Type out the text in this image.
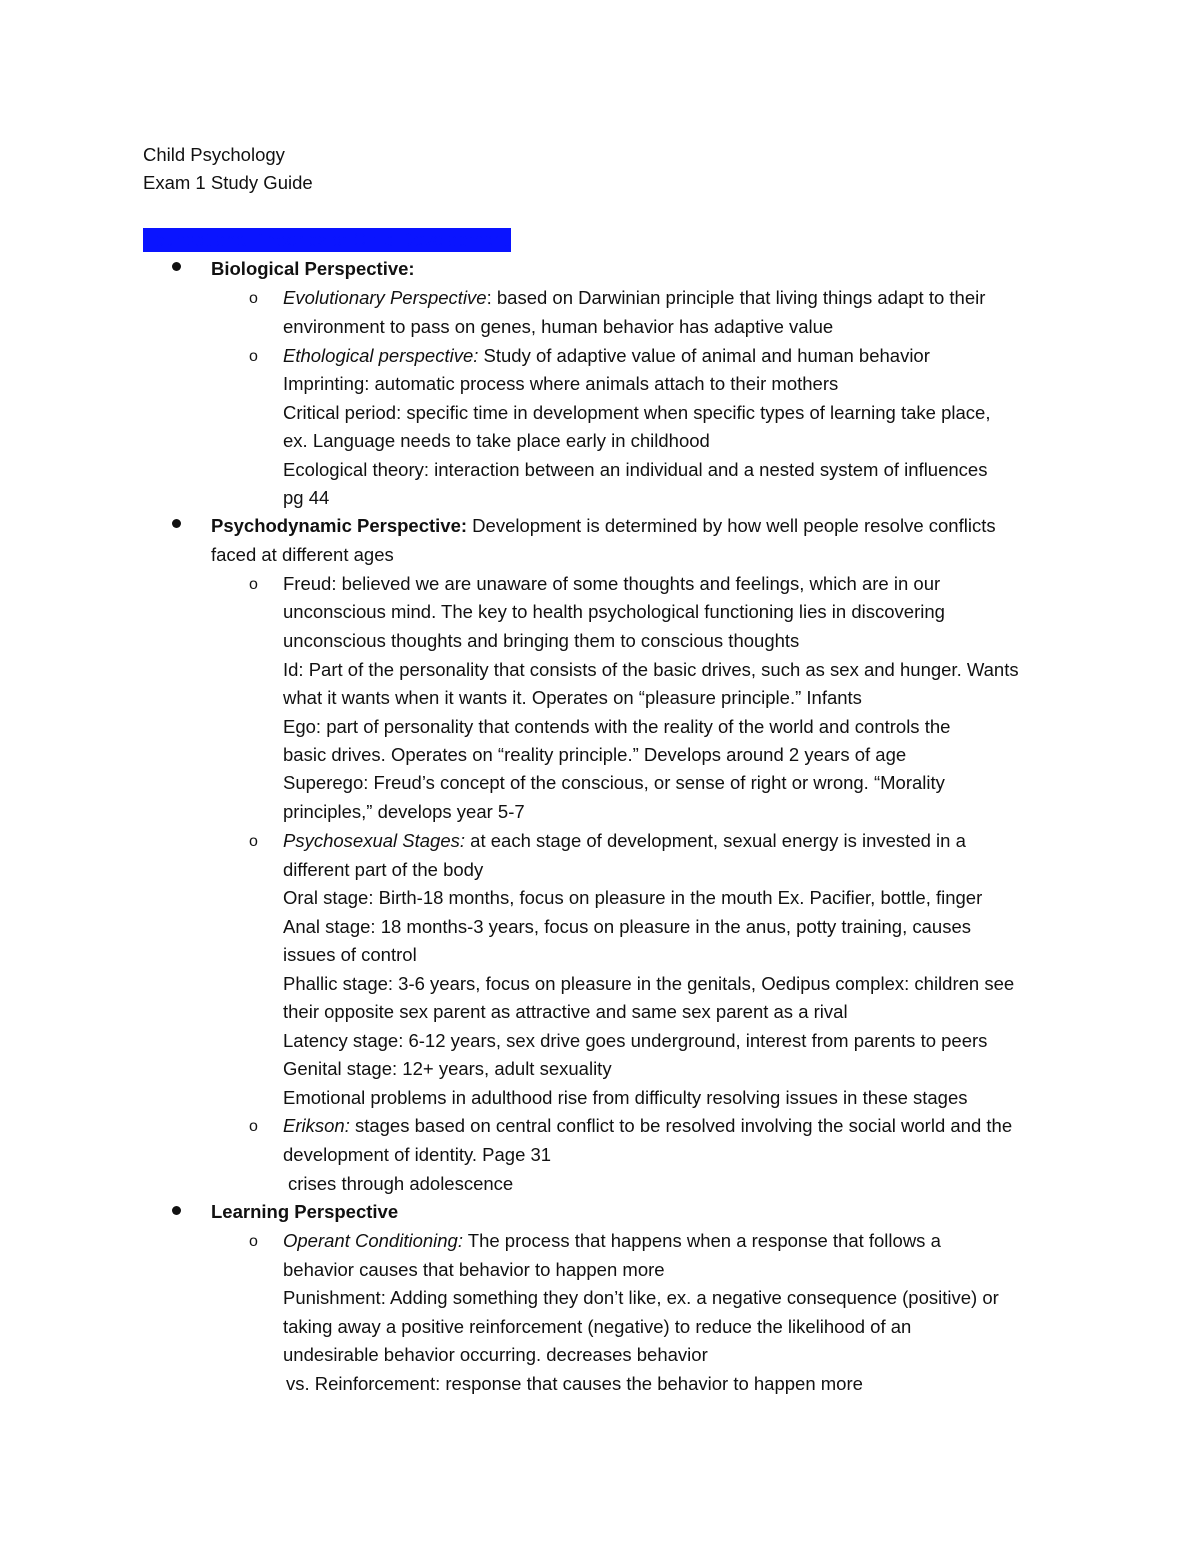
Child Psychology
Exam 1 Study Guide
Foundational Theories of Child Development
Biological Perspective:
o Evolutionary Perspective: based on Darwinian principle that living things adapt to their
environment to pass on genes, human behavior has adaptive value
o Ethological perspective: Study of adaptive value of animal and human behavior
Imprinting: automatic process where animals attach to their mothers
Critical period: specific time in development when specific types of learning take place,
ex. Language needs to take place early in childhood
Ecological theory: interaction between an individual and a nested system of influences
pg 44
Psychodynamic Perspective: Development is determined by how well people resolve conflicts
faced at different ages
o Freud: believed we are unaware of some thoughts and feelings, which are in our
unconscious mind. The key to health psychological functioning lies in discovering
unconscious thoughts and bringing them to conscious thoughts
Id: Part of the personality that consists of the basic drives, such as sex and hunger. Wants
what it wants when it wants it. Operates on “pleasure principle.” Infants
Ego: part of personality that contends with the reality of the world and controls the
basic drives. Operates on “reality principle.” Develops around 2 years of age
Superego: Freud’s concept of the conscious, or sense of right or wrong. “Morality
principles,” develops year 5-7
o Psychosexual Stages: at each stage of development, sexual energy is invested in a
different part of the body
Oral stage: Birth-18 months, focus on pleasure in the mouth Ex. Pacifier, bottle, finger
Anal stage: 18 months-3 years, focus on pleasure in the anus, potty training, causes
issues of control
Phallic stage: 3-6 years, focus on pleasure in the genitals, Oedipus complex: children see
their opposite sex parent as attractive and same sex parent as a rival
Latency stage: 6-12 years, sex drive goes underground, interest from parents to peers
Genital stage: 12+ years, adult sexuality
Emotional problems in adulthood rise from difficulty resolving issues in these stages
o Erikson: stages based on central conflict to be resolved involving the social world and the
development of identity. Page 31
crises through adolescence
Learning Perspective
o Operant Conditioning: The process that happens when a response that follows a
behavior causes that behavior to happen more
Punishment: Adding something they don’t like, ex. a negative consequence (positive) or
taking away a positive reinforcement (negative) to reduce the likelihood of an
undesirable behavior occurring. decreases behavior
vs. Reinforcement: response that causes the behavior to happen more
